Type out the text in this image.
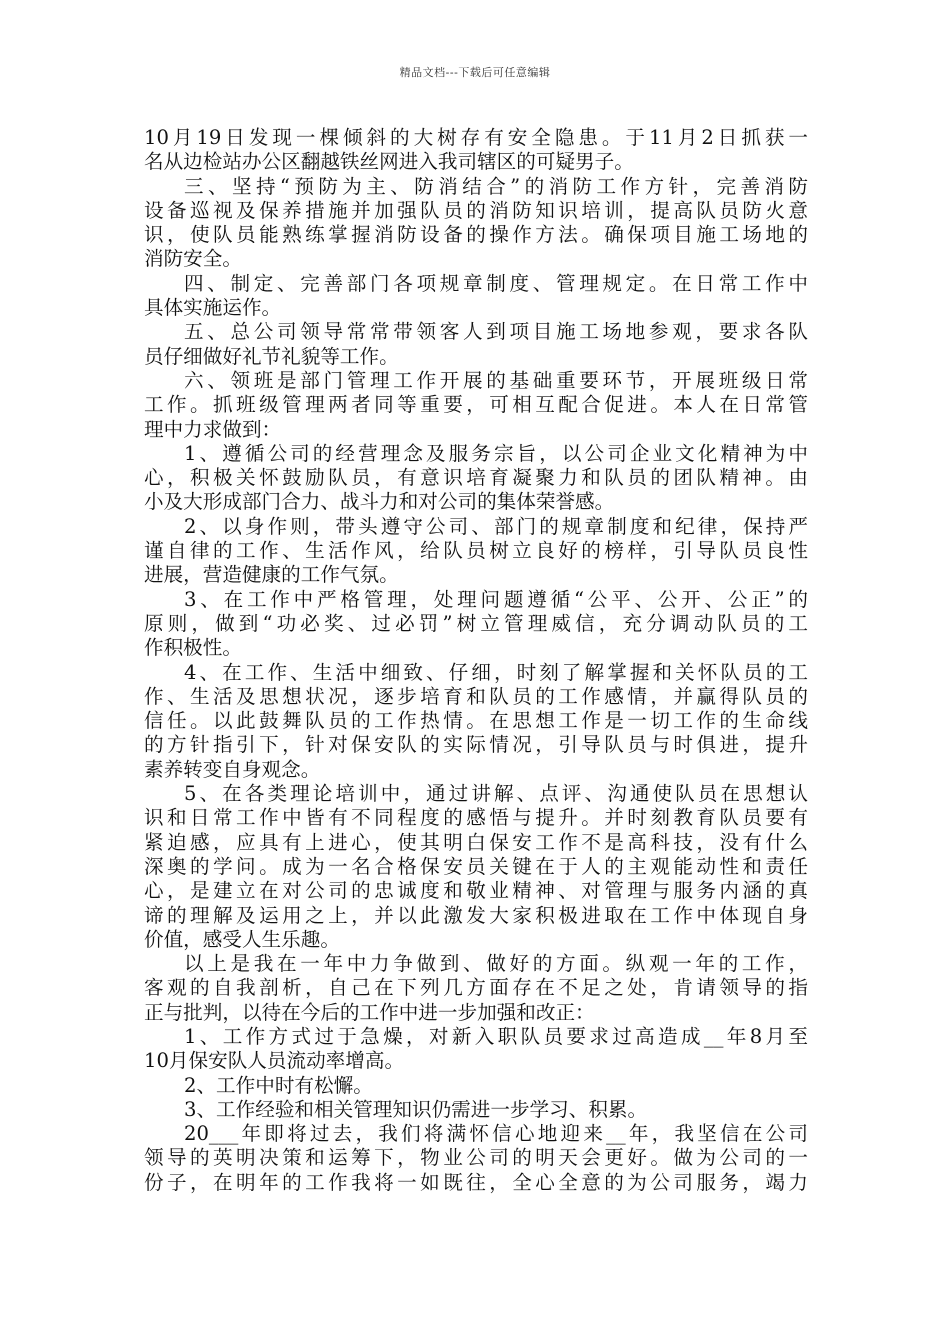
精品文档---下载后可任意编辑
10月19日发现一棵倾斜的大树存有安全隐患。于11月2日抓获一
名从边检站办公区翻越铁丝网进入我司辖区的可疑男子。
三、坚持“预防为主、防消结合”的消防工作方针，完善消防
设备巡视及保养措施并加强队员的消防知识培训，提高队员防火意
识，使队员能熟练掌握消防设备的操作方法。确保项目施工场地的
消防安全。
四、制定、完善部门各项规章制度、管理规定。在日常工作中
具体实施运作。
五、总公司领导常常带领客人到项目施工场地参观，要求各队
员仔细做好礼节礼貌等工作。
六、领班是部门管理工作开展的基础重要环节，开展班级日常
工作。抓班级管理两者同等重要，可相互配合促进。本人在日常管
理中力求做到：
1、遵循公司的经营理念及服务宗旨，以公司企业文化精神为中
心，积极关怀鼓励队员，有意识培育凝聚力和队员的团队精神。由
小及大形成部门合力、战斗力和对公司的集体荣誉感。
2、以身作则，带头遵守公司、部门的规章制度和纪律，保持严
谨自律的工作、生活作风，给队员树立良好的榜样，引导队员良性
进展，营造健康的工作气氛。
3、在工作中严格管理，处理问题遵循“公平、公开、公正”的
原则，做到“功必奖、过必罚”树立管理威信，充分调动队员的工
作积极性。
4、在工作、生活中细致、仔细，时刻了解掌握和关怀队员的工
作、生活及思想状况，逐步培育和队员的工作感情，并赢得队员的
信任。以此鼓舞队员的工作热情。在思想工作是一切工作的生命线
的方针指引下，针对保安队的实际情况，引导队员与时俱进，提升
素养转变自身观念。
5、在各类理论培训中，通过讲解、点评、沟通使队员在思想认
识和日常工作中皆有不同程度的感悟与提升。并时刻教育队员要有
紧迫感，应具有上进心，使其明白保安工作不是高科技，没有什么
深奥的学问。成为一名合格保安员关键在于人的主观能动性和责任
心，是建立在对公司的忠诚度和敬业精神、对管理与服务内涵的真
谛的理解及运用之上，并以此激发大家积极进取在工作中体现自身
价值，感受人生乐趣。
以上是我在一年中力争做到、做好的方面。纵观一年的工作，
客观的自我剖析，自己在下列几方面存在不足之处，肯请领导的指
正与批判，以待在今后的工作中进一步加强和改正：
1、工作方式过于急燥，对新入职队员要求过高造成__年8月至
10月保安队人员流动率增高。
2、工作中时有松懈。
3、工作经验和相关管理知识仍需进一步学习、积累。
20___年即将过去，我们将满怀信心地迎来__年，我坚信在公司
领导的英明决策和运筹下，物业公司的明天会更好。做为公司的一
份子，在明年的工作我将一如既往，全心全意的为公司服务，竭力
